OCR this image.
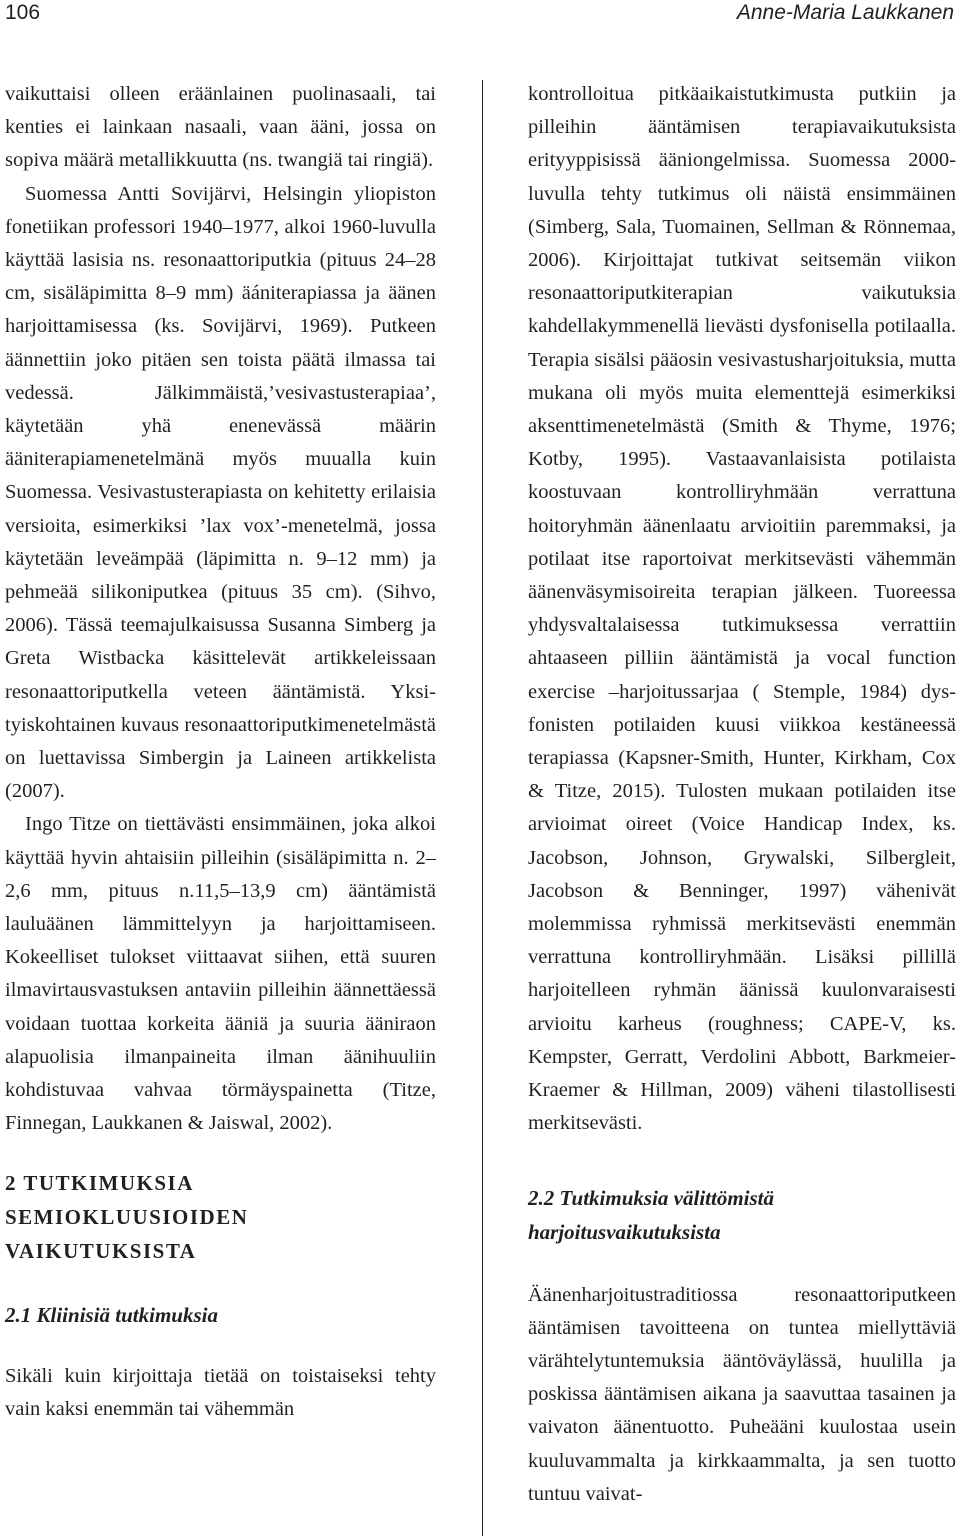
106	Anne-Maria Laukkanen

vaikuttaisi olleen eräänlainen puolinasaali, tai kenties ei lainkaan nasaali, vaan ääni, jossa on sopiva määrä metallikkuutta (ns. twangiä tai ringiä).

Suomessa Antti Sovijärvi, Helsingin yliopiston fonetiikan professori 1940–1977, alkoi 1960-luvulla käyttää lasisia ns. resonaattoriputkia (pituus 24–28 cm, sisäläpimitta 8–9 mm) äániterapiassa ja äänen harjoittamisessa (ks. Sovijärvi, 1969). Putkeen äännettiin joko pitäen sen toista päätä ilmassa tai vedessä. Jälkimmäistä,’vesivastusterapiaa’, käytetään yhä enenevässä määrin ääniterapiamenetelmänä myös muualla kuin Suomessa. Vesivastusterapiasta on kehitetty erilaisia versioita, esimerkiksi ’lax vox’-menetelmä, jossa käytetään leveämpää (läpimitta n. 9–12 mm) ja pehmeää silikoniputkea (pituus 35 cm). (Sihvo, 2006). Tässä teemajulkaisussa Susanna Simberg ja Greta Wistbacka käsittelevät artikkeleissaan resonaattoriputkella veteen ääntämistä. Yksityiskohtainen kuvaus resonaattoriputkimenetelmästä on luettavissa Simbergin ja Laineen artikkelista (2007).

Ingo Titze on tiettävästi ensimmäinen, joka alkoi käyttää hyvin ahtaisiin pilleihin (sisäläpimitta n. 2–2,6 mm, pituus n.11,5–13,9 cm) ääntämistä lauluäänen lämmittelyyn ja harjoittamiseen. Kokeelliset tulokset viittaavat siihen, että suuren ilmavirtausvastuksen antaviin pilleihin äännettäessä voidaan tuottaa korkeita ääniä ja suuria ääniraon alapuolisia ilmanpaineita ilman äänihuuliin kohdistuvaa vahvaa törmäyspainetta (Titze, Finnegan, Laukkanen & Jaiswal, 2002).

2 TUTKIMUKSIA SEMIOKLUUSIOIDEN VAIKUTUKSISTA
2.1 Kliinisiä tutkimuksia

Sikäli kuin kirjoittaja tietää on toistaiseksi tehty vain kaksi enemmän tai vähemmän

kontrolloitua pitkäaikaistutkimusta putkiin ja pilleihin ääntämisen terapiavaikutuksista erityyppisissä ääniongelmissa. Suomessa 2000-luvulla tehty tutkimus oli näistä ensimmäinen (Simberg, Sala, Tuomainen, Sellman & Rönnemaa, 2006). Kirjoittajat tutkivat seitsemän viikon resonaattoriputkiterapian vaikutuksia kahdellakymmenellä lievästi dysfonisella potilaalla. Terapia sisälsi pääosin vesivastusharjoituksia, mutta mukana oli myös muita elementtejä esimerkiksi aksenttimenetelmästä (Smith & Thyme, 1976; Kotby, 1995). Vastaavanlaisista potilaista koostuvaan kontrolliryhmään verrattuna hoitoryhmän äänenlaatu arvioitiin paremmaksi, ja potilaat itse raportoivat merkitsevästi vähemmän äänenväsymisoireita terapian jälkeen. Tuoreessa yhdysvaltalaisessa tutkimuksessa verrattiin ahtaaseen pilliin ääntämistä ja vocal function exercise –harjoitussarjaa ( Stemple, 1984) dysfonisten potilaiden kuusi viikkoa kestäneessä terapiassa (Kapsner-Smith, Hunter, Kirkham, Cox & Titze, 2015). Tulosten mukaan potilaiden itse arvioimat oireet (Voice Handicap Index, ks. Jacobson, Johnson, Grywalski, Silbergleit, Jacobson & Benninger, 1997) vähenivät molemmissa ryhmissä merkitsevästi enemmän verrattuna kontrolliryhmään. Lisäksi pillillä harjoitelleen ryhmän äänissä kuulonvaraisesti arvioitu karheus (roughness; CAPE-V, ks. Kempster, Gerratt, Verdolini Abbott, Barkmeier-Kraemer & Hillman, 2009) väheni tilastollisesti merkitsevästi.

2.2 Tutkimuksia välittömistä harjoitusvaikutuksista

Äänenharjoitustraditiossa resonaattoriputkeen ääntämisen tavoitteena on tuntea miellyttäviä värähtelytuntemuksia ääntöväylässä, huulilla ja poskissa ääntämisen aikana ja saavuttaa tasainen ja vaivaton äänentuotto. Puheääni kuulostaa usein kuuluvammalta ja kirkkaammalta, ja sen tuotto tuntuu vaivat-
